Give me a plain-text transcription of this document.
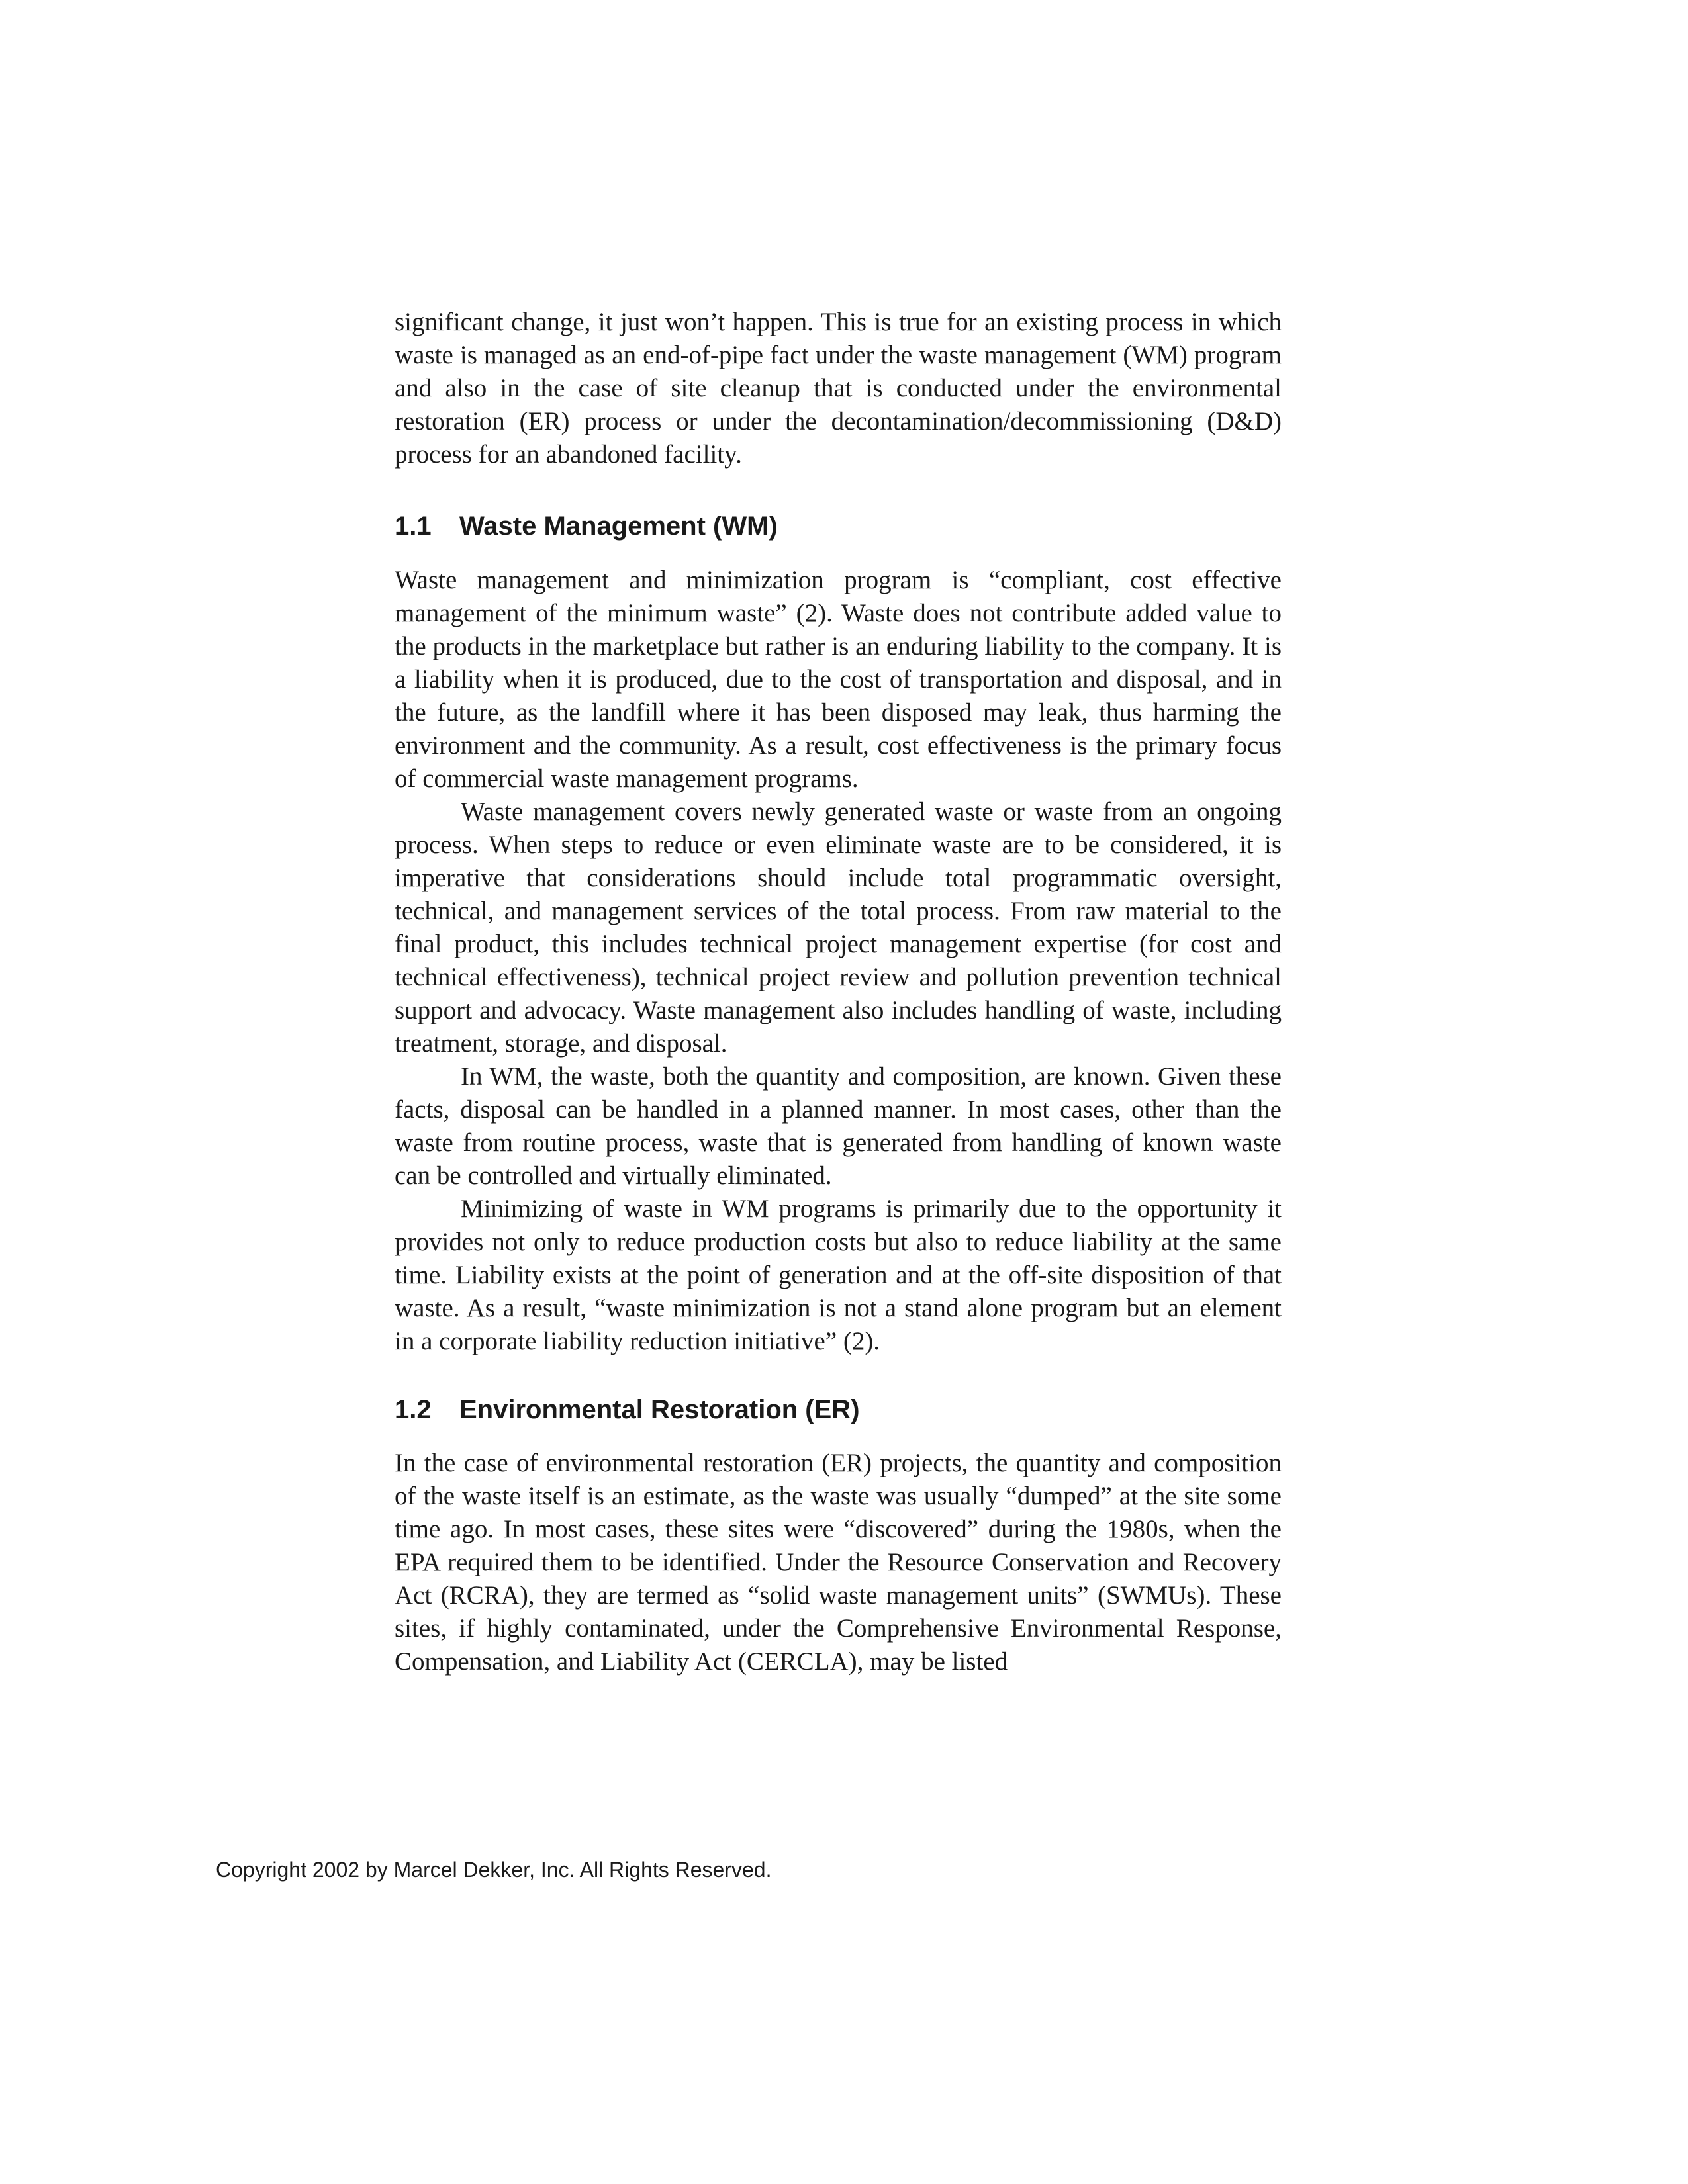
significant change, it just won’t happen. This is true for an existing process in which waste is managed as an end-of-pipe fact under the waste management (WM) program and also in the case of site cleanup that is conducted under the environmental restoration (ER) process or under the decontamination/decommissioning (D&D) process for an abandoned facility.

1.1 Waste Management (WM)

Waste management and minimization program is “compliant, cost effective management of the minimum waste” (2). Waste does not contribute added value to the products in the marketplace but rather is an enduring liability to the company. It is a liability when it is produced, due to the cost of transportation and disposal, and in the future, as the landfill where it has been disposed may leak, thus harming the environment and the community. As a result, cost effectiveness is the primary focus of commercial waste management programs.

Waste management covers newly generated waste or waste from an ongoing process. When steps to reduce or even eliminate waste are to be considered, it is imperative that considerations should include total programmatic oversight, technical, and management services of the total process. From raw material to the final product, this includes technical project management expertise (for cost and technical effectiveness), technical project review and pollution prevention technical support and advocacy. Waste management also includes handling of waste, including treatment, storage, and disposal.

In WM, the waste, both the quantity and composition, are known. Given these facts, disposal can be handled in a planned manner. In most cases, other than the waste from routine process, waste that is generated from handling of known waste can be controlled and virtually eliminated.

Minimizing of waste in WM programs is primarily due to the opportunity it provides not only to reduce production costs but also to reduce liability at the same time. Liability exists at the point of generation and at the off-site disposition of that waste. As a result, “waste minimization is not a stand alone program but an element in a corporate liability reduction initiative” (2).

1.2 Environmental Restoration (ER)

In the case of environmental restoration (ER) projects, the quantity and composition of the waste itself is an estimate, as the waste was usually “dumped” at the site some time ago. In most cases, these sites were “discovered” during the 1980s, when the EPA required them to be identified. Under the Resource Conservation and Recovery Act (RCRA), they are termed as “solid waste management units” (SWMUs). These sites, if highly contaminated, under the Comprehensive Environmental Response, Compensation, and Liability Act (CERCLA), may be listed

Copyright 2002 by Marcel Dekker, Inc. All Rights Reserved.
